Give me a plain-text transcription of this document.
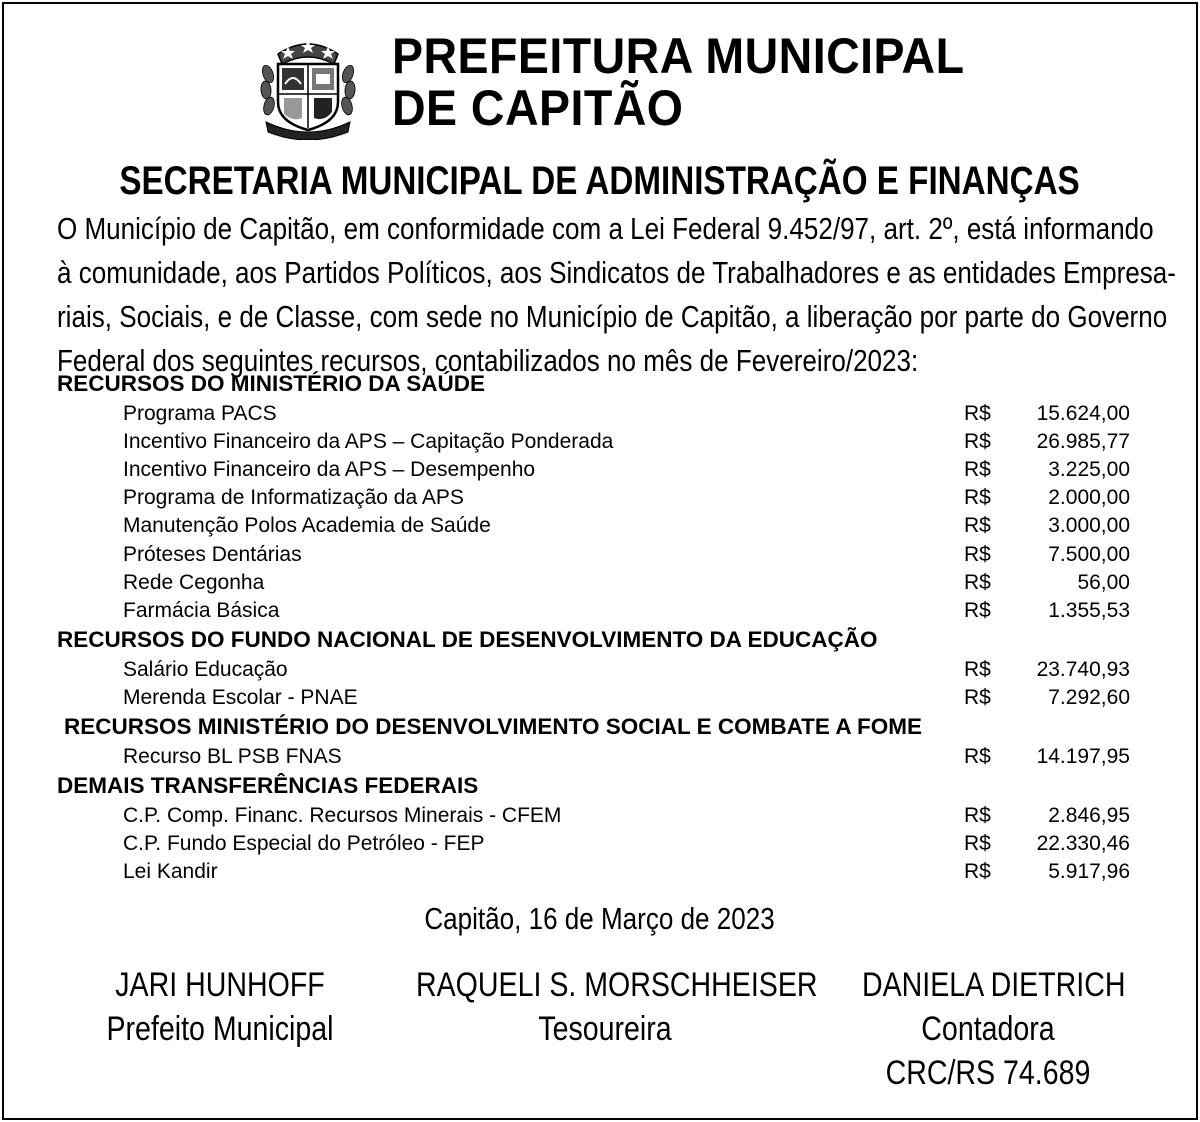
PREFEITURA MUNICIPAL
DE CAPITÃO
SECRETARIA MUNICIPAL DE ADMINISTRAÇÃO E FINANÇAS
O Município de Capitão, em conformidade com a Lei Federal 9.452/97, art. 2º, está informando
à comunidade, aos Partidos Políticos, aos Sindicatos de Trabalhadores e as entidades Empresa-
riais, Sociais, e de Classe, com sede no Município de Capitão, a liberação por parte do Governo
Federal dos seguintes recursos, contabilizados no mês de Fevereiro/2023:
RECURSOS DO MINISTÉRIO DA SAÚDE
Programa PACS	R$ 15.624,00
Incentivo Financeiro da APS – Capitação Ponderada	R$ 26.985,77
Incentivo Financeiro da APS – Desempenho	R$	3.225,00
Programa de Informatização da APS	R$	2.000,00
Manutenção Polos Academia de Saúde	R$	3.000,00
Próteses Dentárias	R$	7.500,00
Rede Cegonha	R$	56,00
Farmácia Básica	R$	1.355,53
RECURSOS DO FUNDO NACIONAL DE DESENVOLVIMENTO DA EDUCAÇÃO
Salário Educação	R$ 23.740,93
Merenda Escolar - PNAE	R$	7.292,60
RECURSOS MINISTÉRIO DO DESENVOLVIMENTO SOCIAL E COMBATE A FOME
Recurso BL PSB FNAS	R$ 14.197,95
DEMAIS TRANSFERÊNCIAS FEDERAIS
C.P. Comp. Financ. Recursos Minerais - CFEM	R$	2.846,95
C.P. Fundo Especial do Petróleo - FEP	R$ 22.330,46
Lei Kandir	R$	5.917,96
Capitão, 16 de Março de 2023
JARI HUNHOFF
Prefeito Municipal
RAQUELI S. MORSCHHEISER
Tesoureira
DANIELA DIETRICH
Contadora
CRC/RS 74.689
